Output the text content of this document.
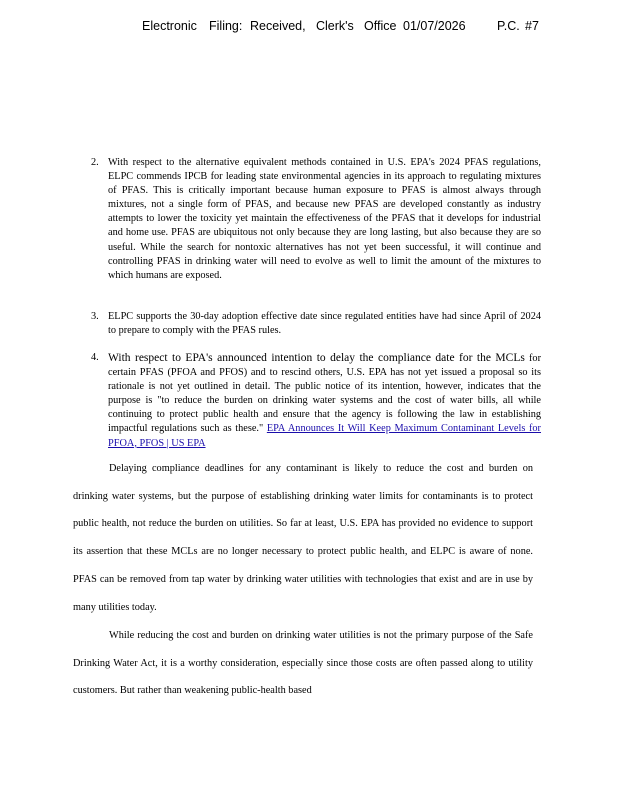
Electronic Filing: Received, Clerk's Office 01/07/2026	P.C. #7
2. With respect to the alternative equivalent methods contained in U.S. EPA's 2024 PFAS regulations, ELPC commends IPCB for leading state environmental agencies in its approach to regulating mixtures of PFAS. This is critically important because human exposure to PFAS is almost always through mixtures, not a single form of PFAS, and because new PFAS are developed constantly as industry attempts to lower the toxicity yet maintain the effectiveness of the PFAS that it develops for industrial and home use. PFAS are ubiquitous not only because they are long lasting, but also because they are so useful. While the search for nontoxic alternatives has not yet been successful, it will continue and controlling PFAS in drinking water will need to evolve as well to limit the amount of the mixtures to which humans are exposed.
3. ELPC supports the 30-day adoption effective date since regulated entities have had since April of 2024 to prepare to comply with the PFAS rules.
4. With respect to EPA's announced intention to delay the compliance date for the MCLs for certain PFAS (PFOA and PFOS) and to rescind others, U.S. EPA has not yet issued a proposal so its rationale is not yet outlined in detail. The public notice of its intention, however, indicates that the purpose is "to reduce the burden on drinking water systems and the cost of water bills, all while continuing to protect public health and ensure that the agency is following the law in establishing impactful regulations such as these." EPA Announces It Will Keep Maximum Contaminant Levels for PFOA, PFOS | US EPA
Delaying compliance deadlines for any contaminant is likely to reduce the cost and burden on drinking water systems, but the purpose of establishing drinking water limits for contaminants is to protect public health, not reduce the burden on utilities. So far at least, U.S. EPA has provided no evidence to support its assertion that these MCLs are no longer necessary to protect public health, and ELPC is aware of none. PFAS can be removed from tap water by drinking water utilities with technologies that exist and are in use by many utilities today.
While reducing the cost and burden on drinking water utilities is not the primary purpose of the Safe Drinking Water Act, it is a worthy consideration, especially since those costs are often passed along to utility customers. But rather than weakening public-health based
